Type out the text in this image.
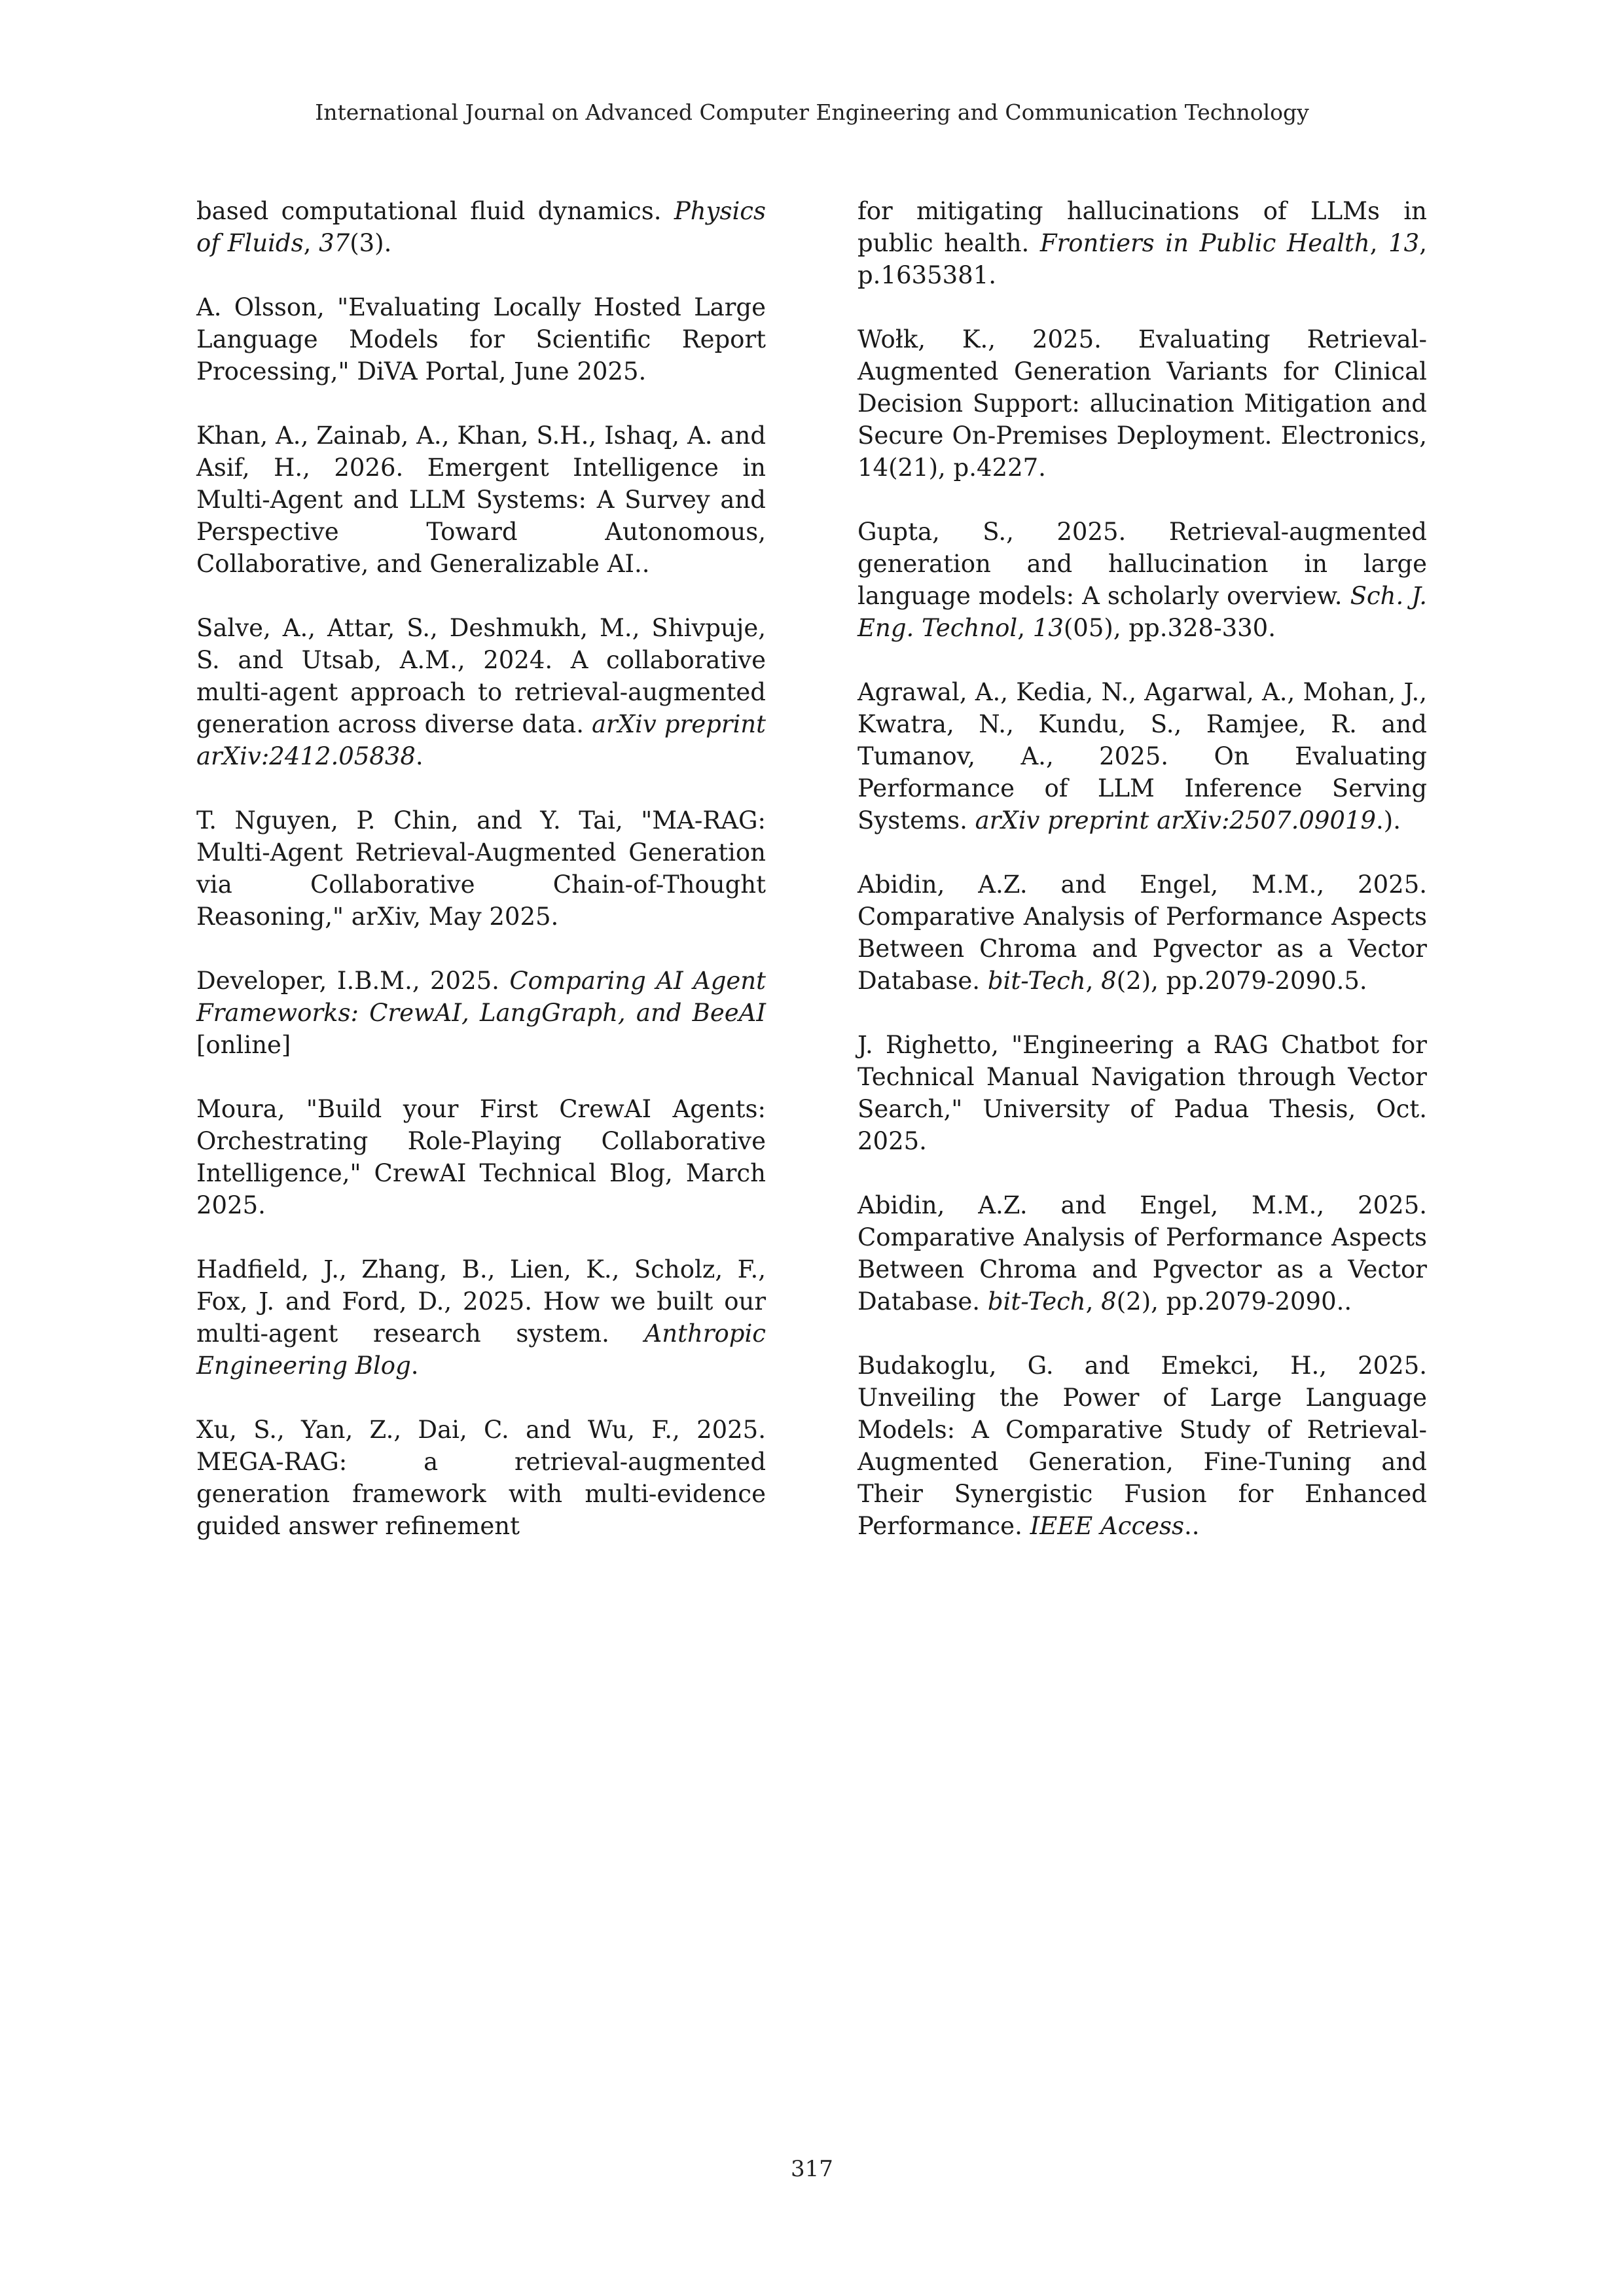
International Journal on Advanced Computer Engineering and Communication Technology

based computational fluid dynamics. Physics of Fluids, 37(3).

A. Olsson, "Evaluating Locally Hosted Large Language Models for Scientific Report Processing," DiVA Portal, June 2025.

Khan, A., Zainab, A., Khan, S.H., Ishaq, A. and Asif, H., 2026. Emergent Intelligence in Multi-Agent and LLM Systems: A Survey and Perspective Toward Autonomous, Collaborative, and Generalizable AI..

Salve, A., Attar, S., Deshmukh, M., Shivpuje, S. and Utsab, A.M., 2024. A collaborative multi-agent approach to retrieval-augmented generation across diverse data. arXiv preprint arXiv:2412.05838.

T. Nguyen, P. Chin, and Y. Tai, "MA-RAG: Multi-Agent Retrieval-Augmented Generation via Collaborative Chain-of-Thought Reasoning," arXiv, May 2025.

Developer, I.B.M., 2025. Comparing AI Agent Frameworks: CrewAI, LangGraph, and BeeAI [online]

Moura, "Build your First CrewAI Agents: Orchestrating Role-Playing Collaborative Intelligence," CrewAI Technical Blog, March 2025.

Hadfield, J., Zhang, B., Lien, K., Scholz, F., Fox, J. and Ford, D., 2025. How we built our multi-agent research system. Anthropic Engineering Blog.

Xu, S., Yan, Z., Dai, C. and Wu, F., 2025. MEGA-RAG: a retrieval-augmented generation framework with multi-evidence guided answer refinement

for mitigating hallucinations of LLMs in public health. Frontiers in Public Health, 13, p.1635381.

Wołk, K., 2025. Evaluating Retrieval-Augmented Generation Variants for Clinical Decision Support: allucination Mitigation and Secure On-Premises Deployment. Electronics, 14(21), p.4227.

Gupta, S., 2025. Retrieval-augmented generation and hallucination in large language models: A scholarly overview. Sch. J. Eng. Technol, 13(05), pp.328-330.

Agrawal, A., Kedia, N., Agarwal, A., Mohan, J., Kwatra, N., Kundu, S., Ramjee, R. and Tumanov, A., 2025. On Evaluating Performance of LLM Inference Serving Systems. arXiv preprint arXiv:2507.09019.).

Abidin, A.Z. and Engel, M.M., 2025. Comparative Analysis of Performance Aspects Between Chroma and Pgvector as a Vector Database. bit-Tech, 8(2), pp.2079-2090.5.

J. Righetto, "Engineering a RAG Chatbot for Technical Manual Navigation through Vector Search," University of Padua Thesis, Oct. 2025.

Abidin, A.Z. and Engel, M.M., 2025. Comparative Analysis of Performance Aspects Between Chroma and Pgvector as a Vector Database. bit-Tech, 8(2), pp.2079-2090..

Budakoglu, G. and Emekci, H., 2025. Unveiling the Power of Large Language Models: A Comparative Study of Retrieval-Augmented Generation, Fine-Tuning and Their Synergistic Fusion for Enhanced Performance. IEEE Access..

317
